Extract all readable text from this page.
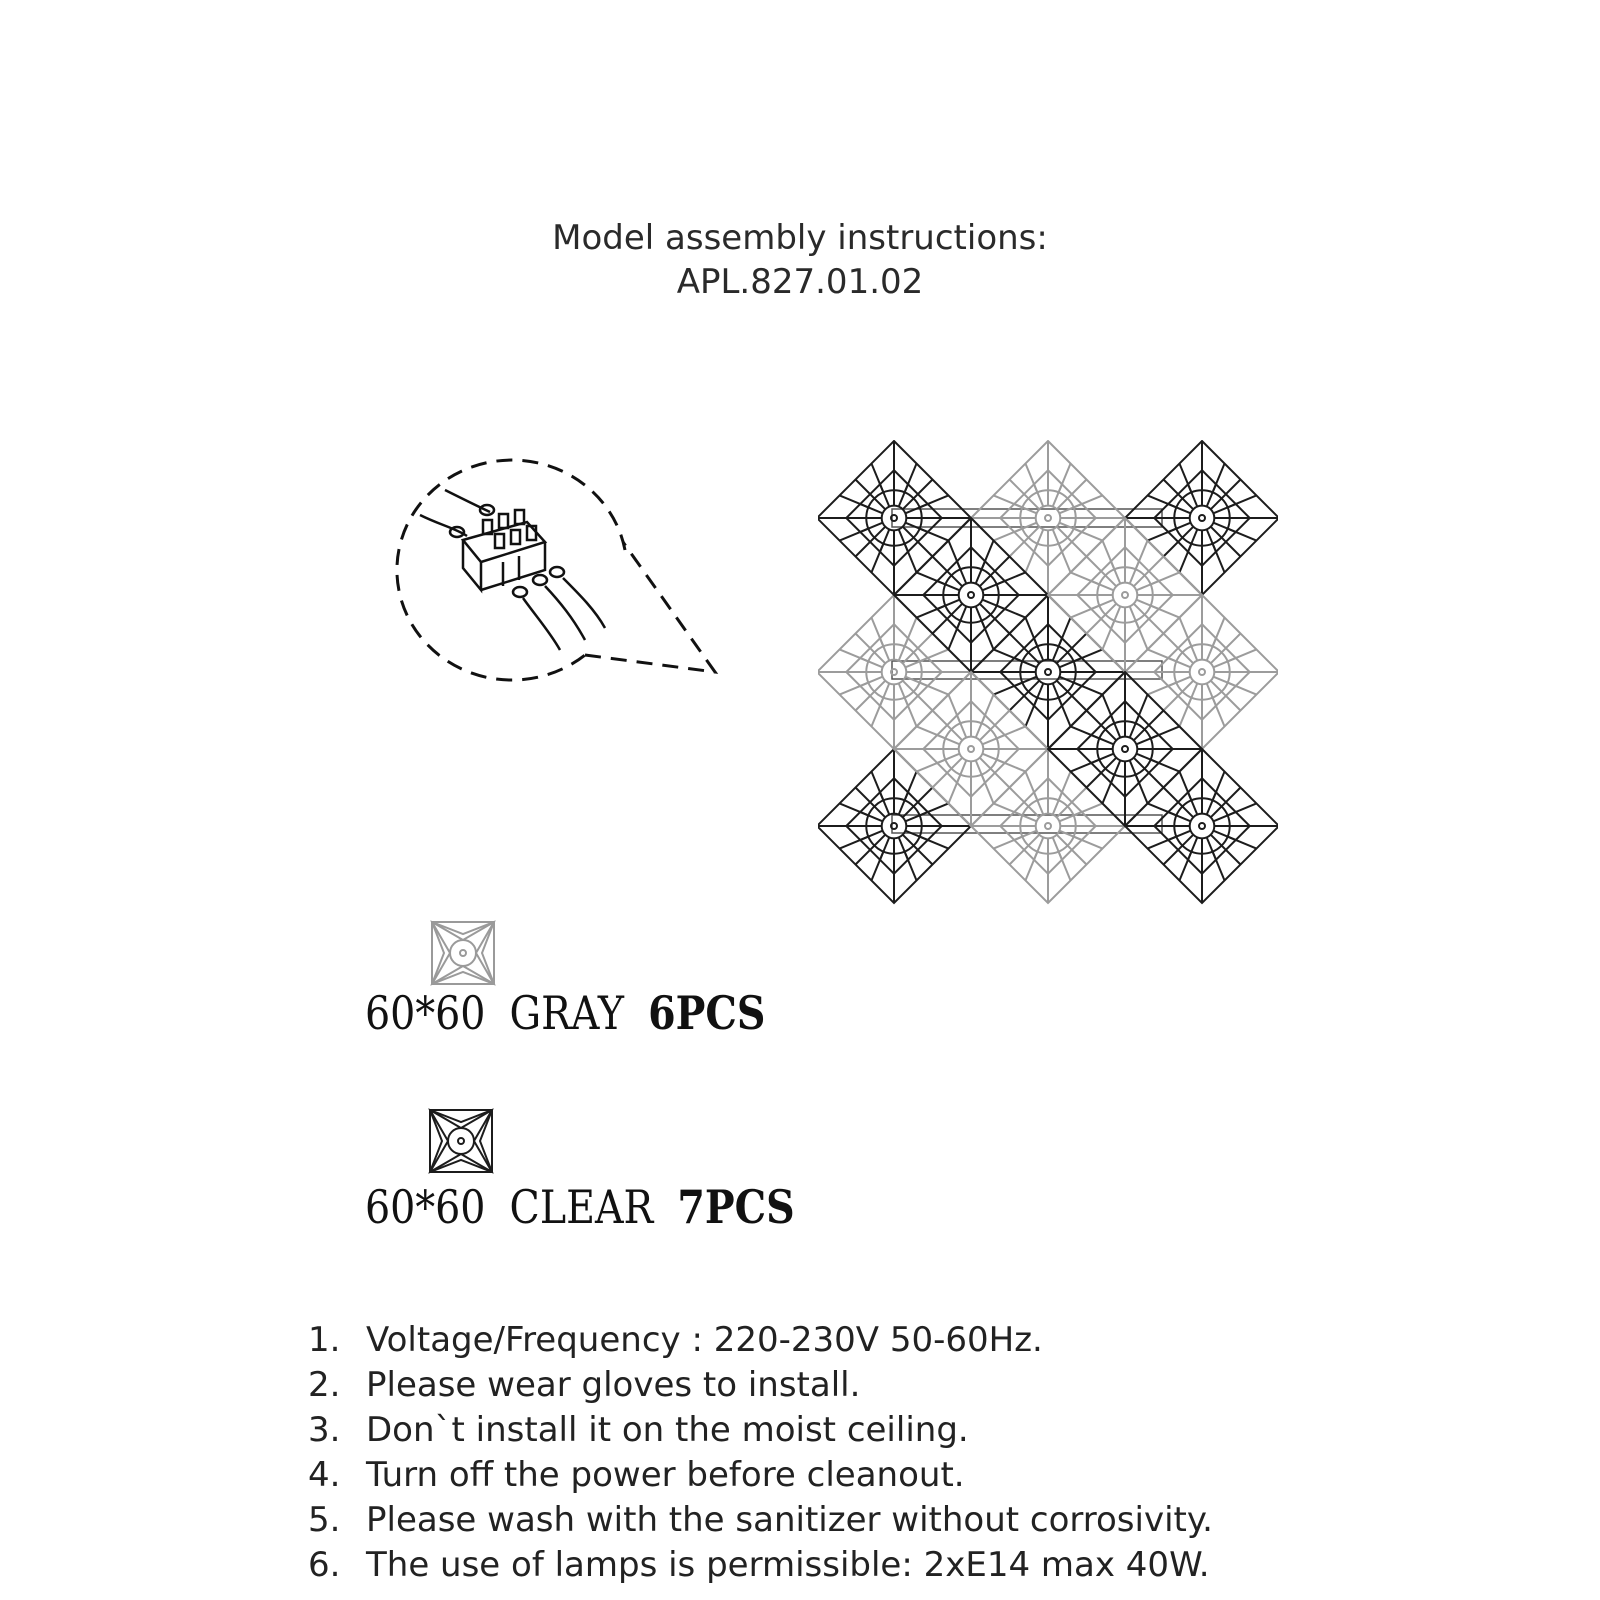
Model assembly instructions:
APL.827.01.02
60*60 GRAY 6PCS
60*60 CLEAR 7PCS
1. Voltage/Frequency : 220-230V 50-60Hz.
2. Please wear gloves to install.
3. Don`t install it on the moist ceiling.
4. Turn off the power before cleanout.
5. Please wash with the sanitizer without corrosivity.
6. The use of lamps is permissible: 2xE14 max 40W.
